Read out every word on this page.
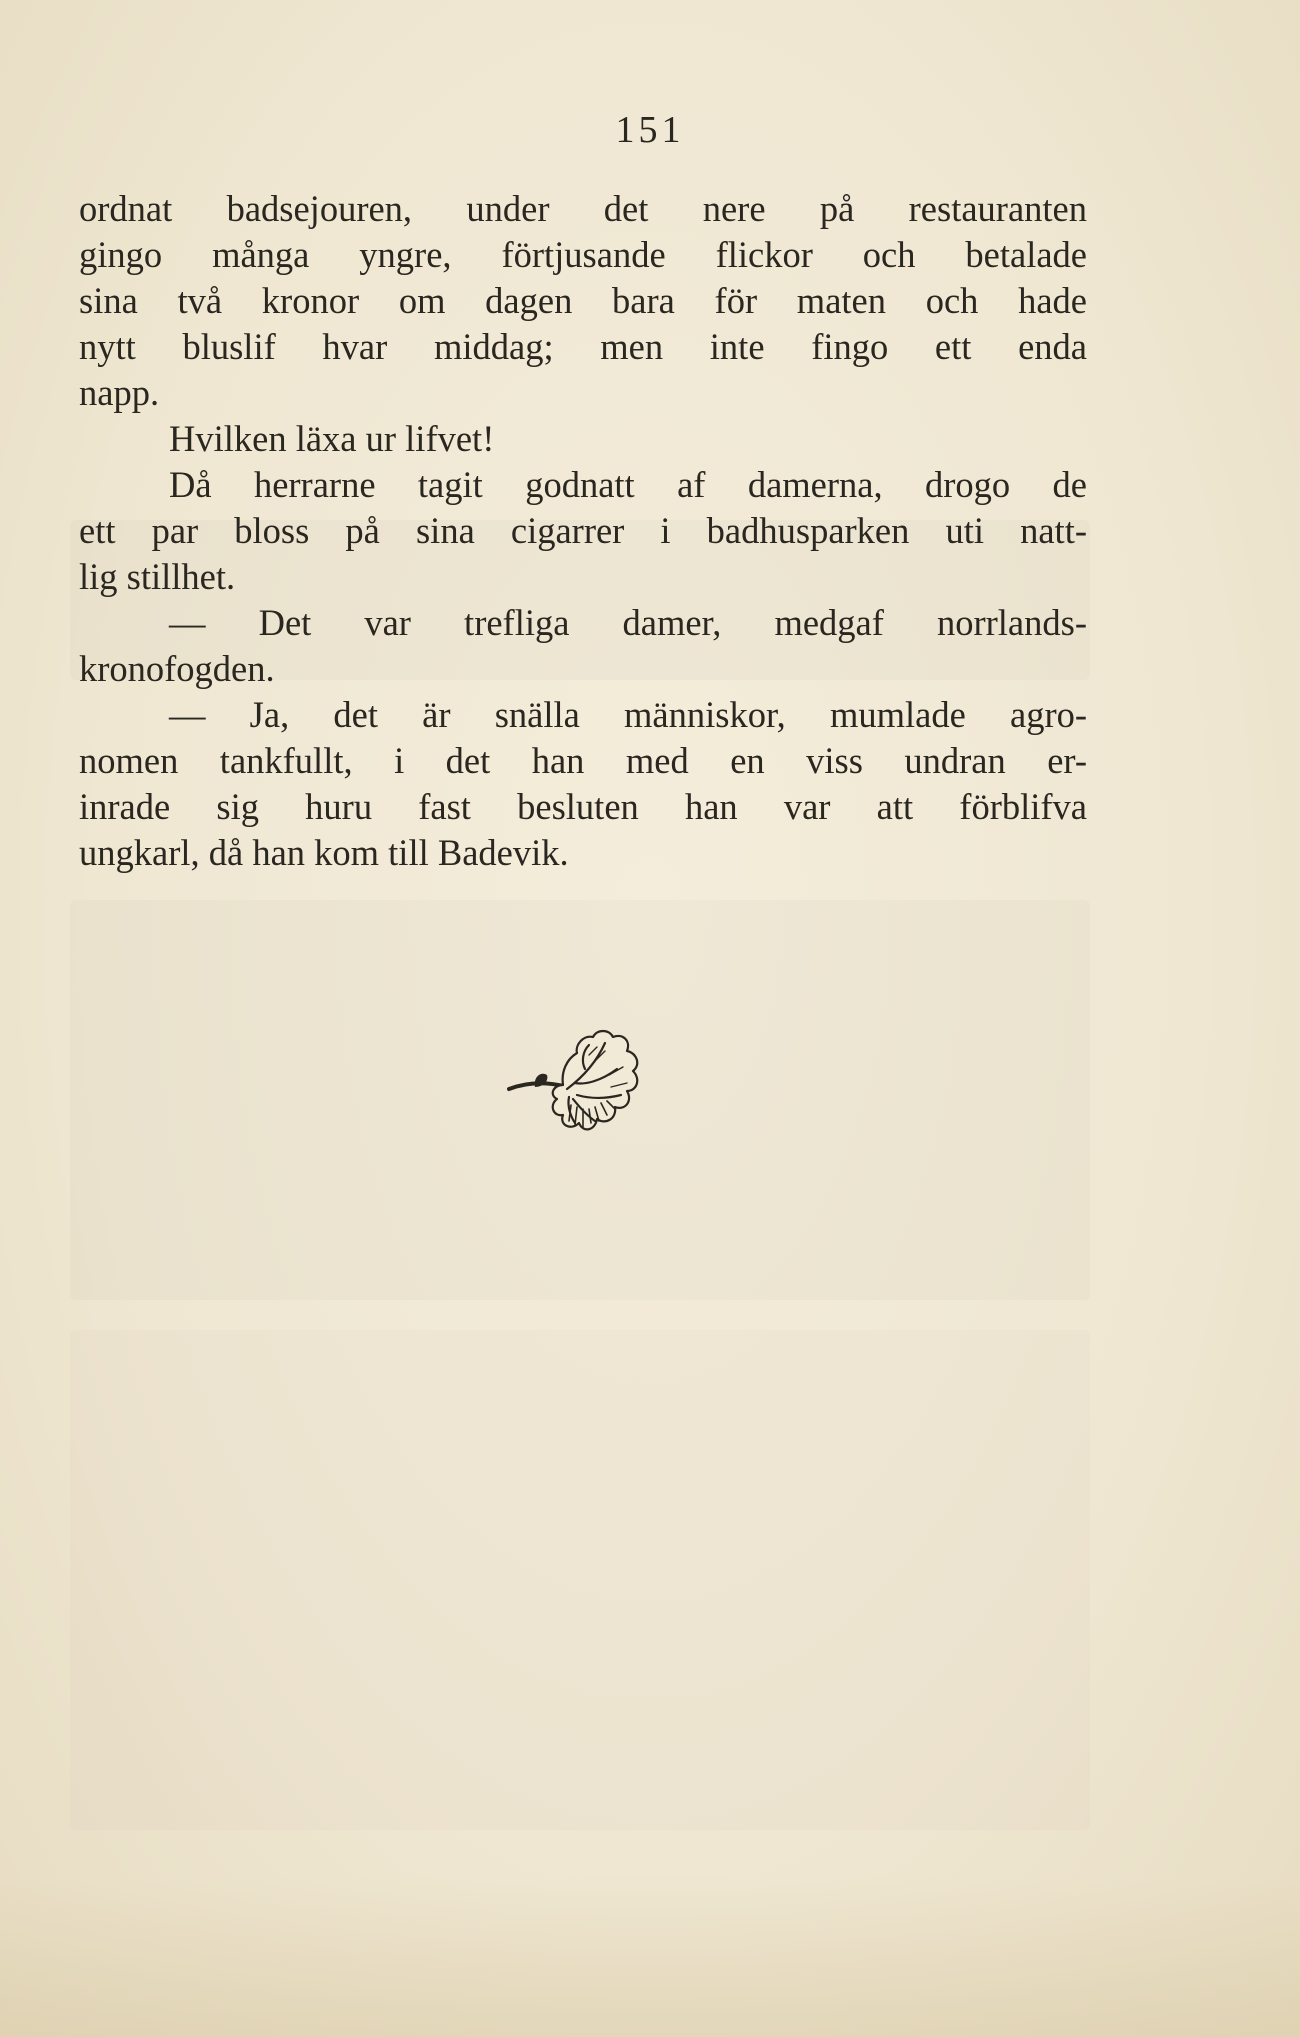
151
ordnat badsejouren, under det nere på restauranten
gingo många yngre, förtjusande flickor och betalade
sina två kronor om dagen bara för maten och hade
nytt bluslif hvar middag; men inte fingo ett enda
napp.
Hvilken läxa ur lifvet!
Då herrarne tagit godnatt af damerna, drogo de
ett par bloss på sina cigarrer i badhusparken uti natt-
lig stillhet.
— Det var trefliga damer, medgaf norrlands-
kronofogden.
— Ja, det är snälla människor, mumlade agro-
nomen tankfullt, i det han med en viss undran er-
inrade sig huru fast besluten han var att förblifva
ungkarl, då han kom till Badevik.
